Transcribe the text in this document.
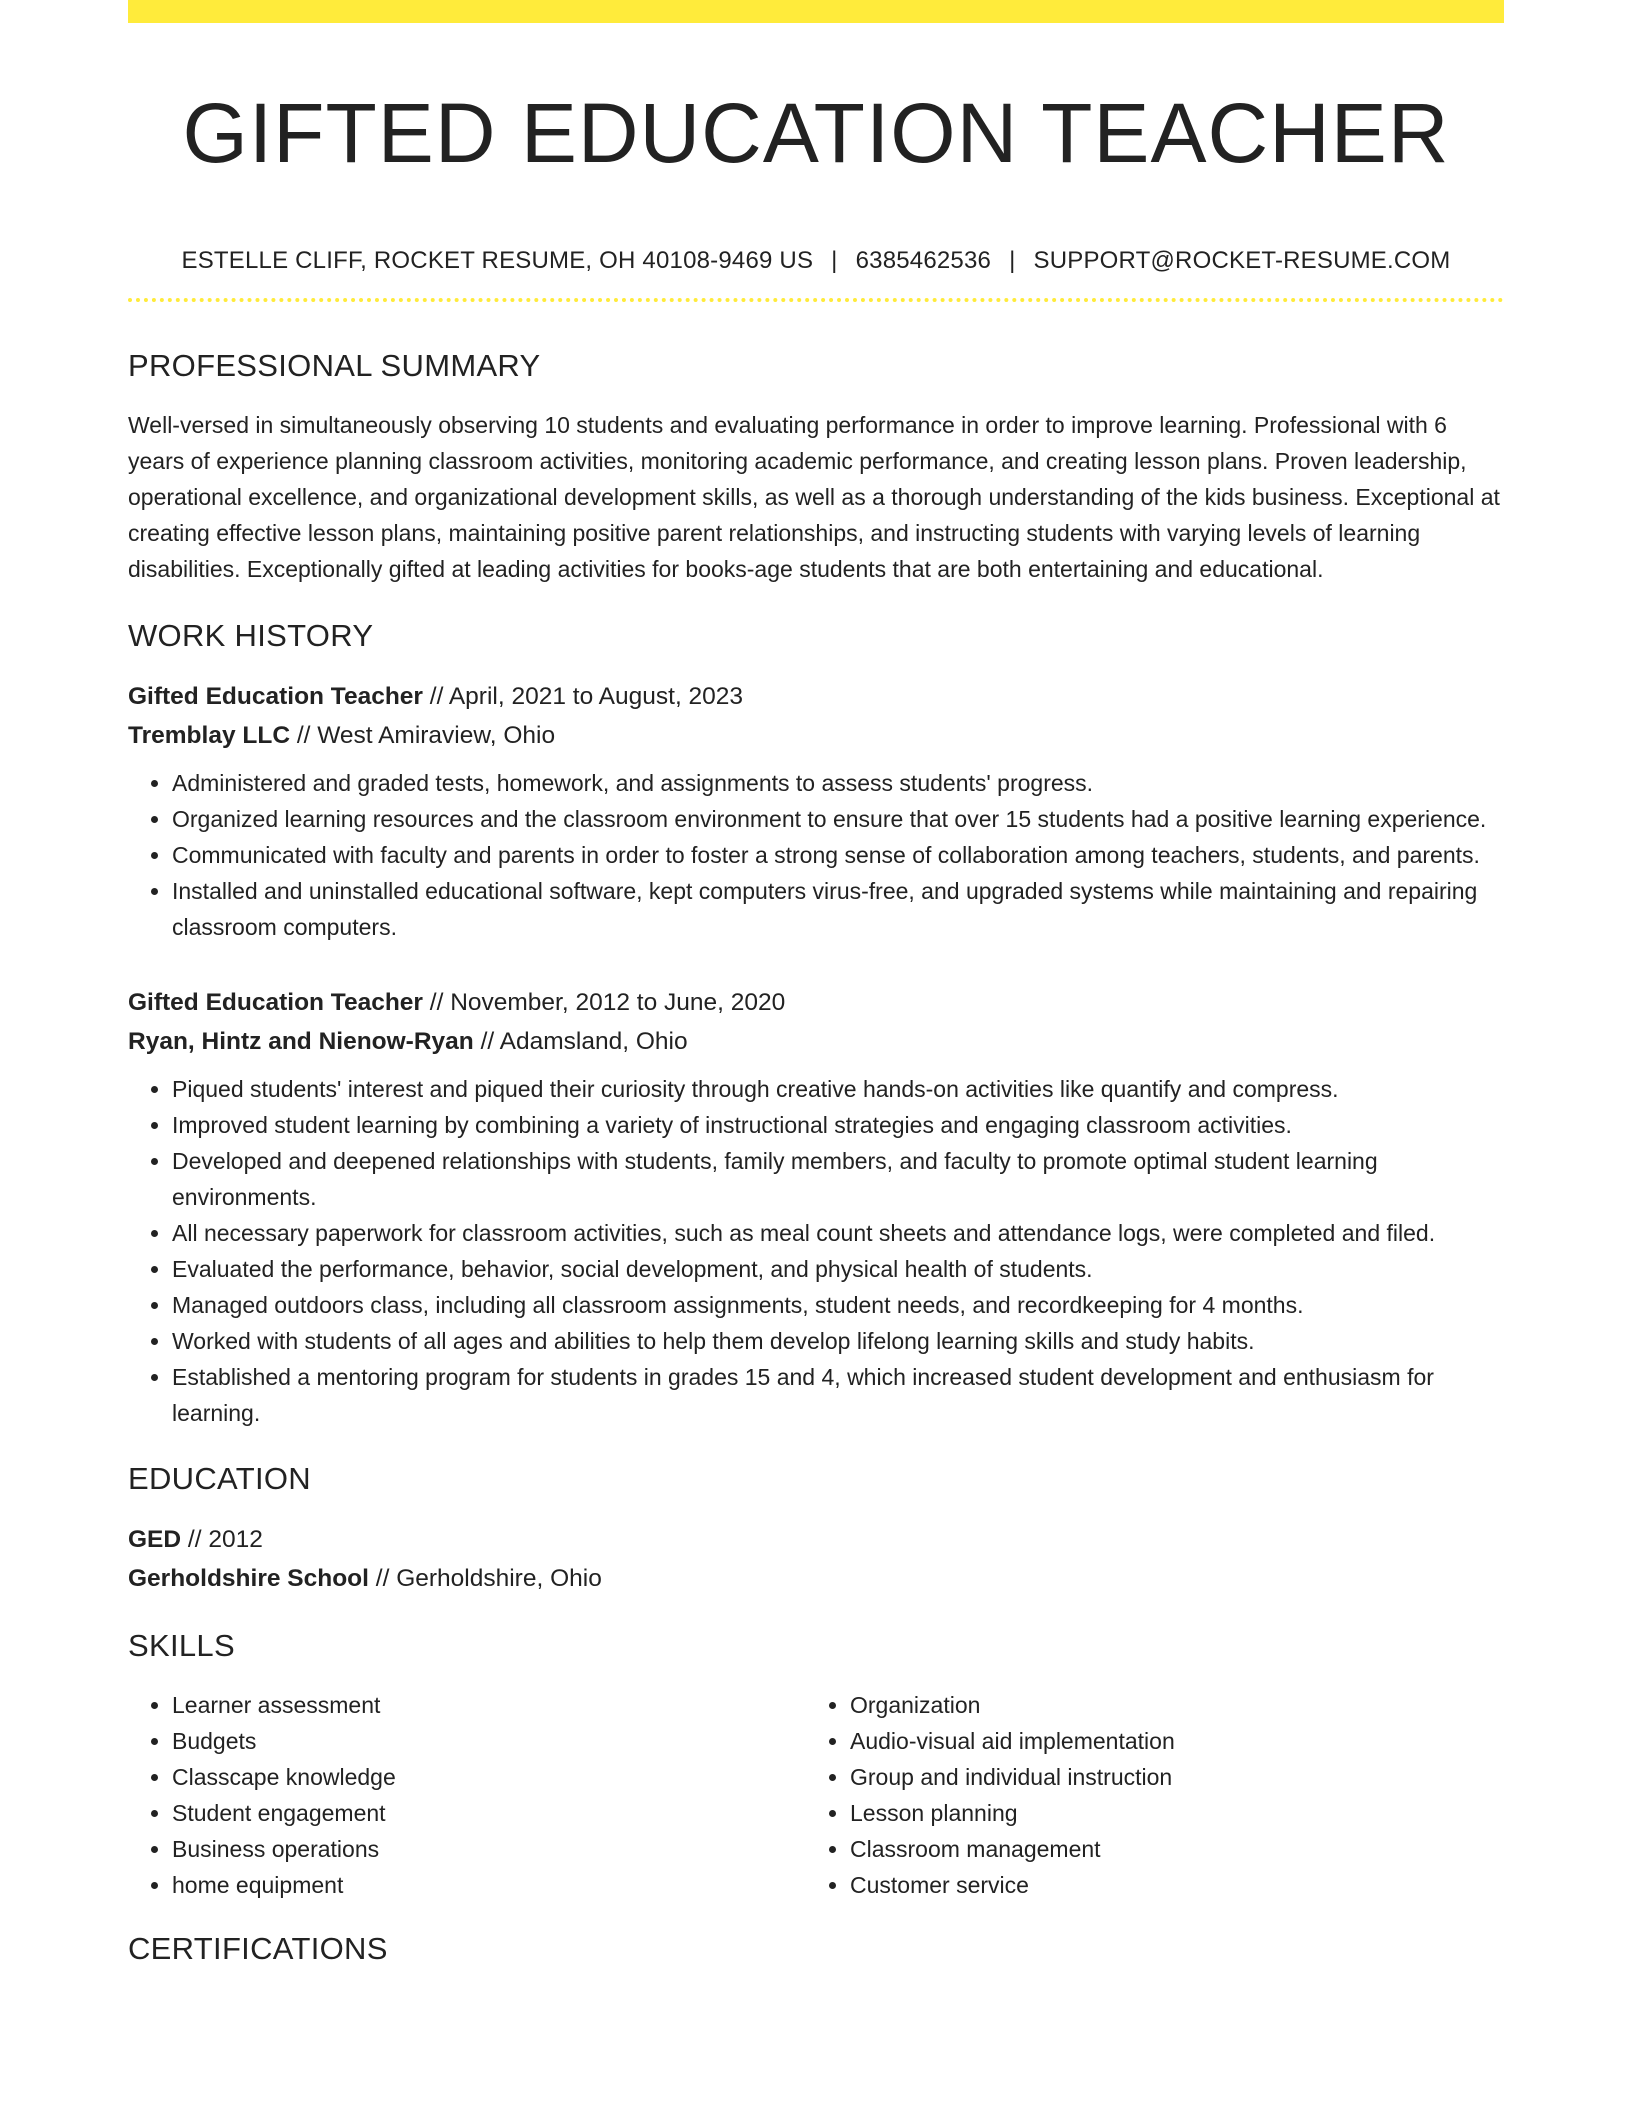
GIFTED EDUCATION TEACHER
ESTELLE CLIFF, ROCKET RESUME, OH 40108-9469 US | 6385462536 | SUPPORT@ROCKET-RESUME.COM
PROFESSIONAL SUMMARY

Well-versed in simultaneously observing 10 students and evaluating performance in order to improve learning. Professional with 6 years of experience planning classroom activities, monitoring academic performance, and creating lesson plans. Proven leadership, operational excellence, and organizational development skills, as well as a thorough understanding of the kids business. Exceptional at creating effective lesson plans, maintaining positive parent relationships, and instructing students with varying levels of learning disabilities. Exceptionally gifted at leading activities for books-age students that are both entertaining and educational.

WORK HISTORY
Gifted Education Teacher // April, 2021 to August, 2023
Tremblay LLC // West Amiraview, Ohio
• Administered and graded tests, homework, and assignments to assess students' progress.
• Organized learning resources and the classroom environment to ensure that over 15 students had a positive learning experience.
• Communicated with faculty and parents in order to foster a strong sense of collaboration among teachers, students, and parents.
• Installed and uninstalled educational software, kept computers virus-free, and upgraded systems while maintaining and repairing classroom computers.
Gifted Education Teacher // November, 2012 to June, 2020
Ryan, Hintz and Nienow-Ryan // Adamsland, Ohio
• Piqued students' interest and piqued their curiosity through creative hands-on activities like quantify and compress.
• Improved student learning by combining a variety of instructional strategies and engaging classroom activities.
• Developed and deepened relationships with students, family members, and faculty to promote optimal student learning environments.
• All necessary paperwork for classroom activities, such as meal count sheets and attendance logs, were completed and filed.
• Evaluated the performance, behavior, social development, and physical health of students.
• Managed outdoors class, including all classroom assignments, student needs, and recordkeeping for 4 months.
• Worked with students of all ages and abilities to help them develop lifelong learning skills and study habits.
• Established a mentoring program for students in grades 15 and 4, which increased student development and enthusiasm for learning.
EDUCATION
GED // 2012
Gerholdshire School // Gerholdshire, Ohio
SKILLS
• Learner assessment
• Budgets
• Classcape knowledge
• Student engagement
• Business operations
• home equipment
• Organization
• Audio-visual aid implementation
• Group and individual instruction
• Lesson planning
• Classroom management
• Customer service
CERTIFICATIONS
